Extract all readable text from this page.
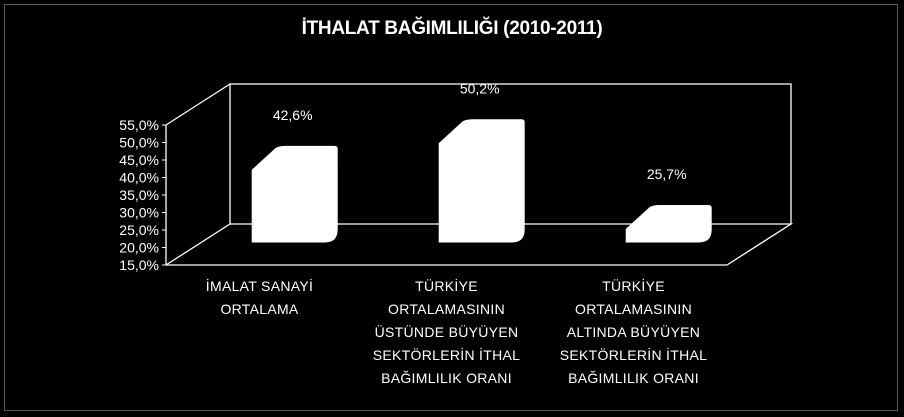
İTHALAT BAĞIMLILIĞI (2010-2011)
15,0%
20,0%
25,0%
30,0%
35,0%
40,0%
45,0%
50,0%
55,0%
42,6%
50,2%
25,7%
İMALAT SANAYİ
ORTALAMA
TÜRKİYE
ORTALAMASININ
ÜSTÜNDE BÜYÜYEN
SEKTÖRLERİN İTHAL
BAĞIMLILIK ORANI
TÜRKİYE
ORTALAMASININ
ALTINDA BÜYÜYEN
SEKTÖRLERİN İTHAL
BAĞIMLILIK ORANI
